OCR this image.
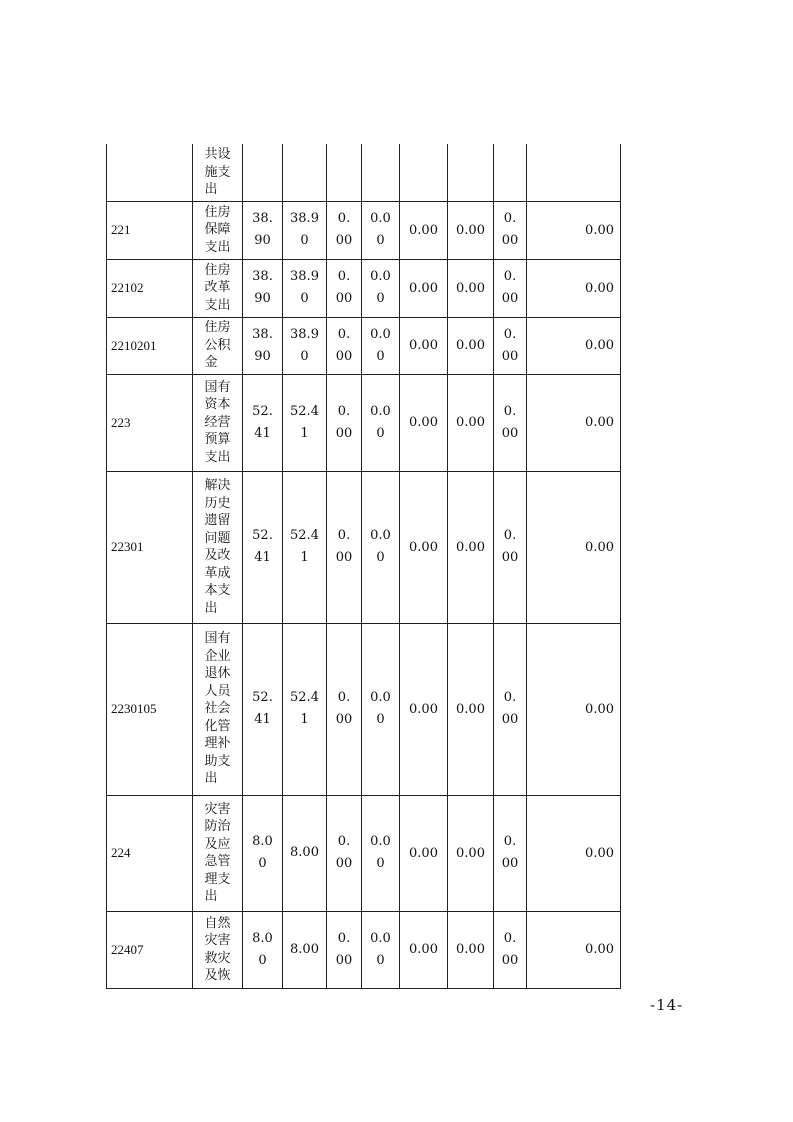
	共设施支出								
221	住房保障支出	38.90	38.90	0.00	0.00	0.00	0.00	0.00	0.00
22102	住房改革支出	38.90	38.90	0.00	0.00	0.00	0.00	0.00	0.00
2210201	住房公积金	38.90	38.90	0.00	0.00	0.00	0.00	0.00	0.00
223	国有资本经营预算支出	52.41	52.41	0.00	0.00	0.00	0.00	0.00	0.00
22301	解决历史遗留问题及改革成本支出	52.41	52.41	0.00	0.00	0.00	0.00	0.00	0.00
2230105	国有企业退休人员社会化管理补助支出	52.41	52.41	0.00	0.00	0.00	0.00	0.00	0.00
224	灾害防治及应急管理支出	8.00	8.00	0.00	0.00	0.00	0.00	0.00	0.00
22407	自然灾害救灾及恢	8.00	8.00	0.00	0.00	0.00	0.00	0.00	0.00
-14-
